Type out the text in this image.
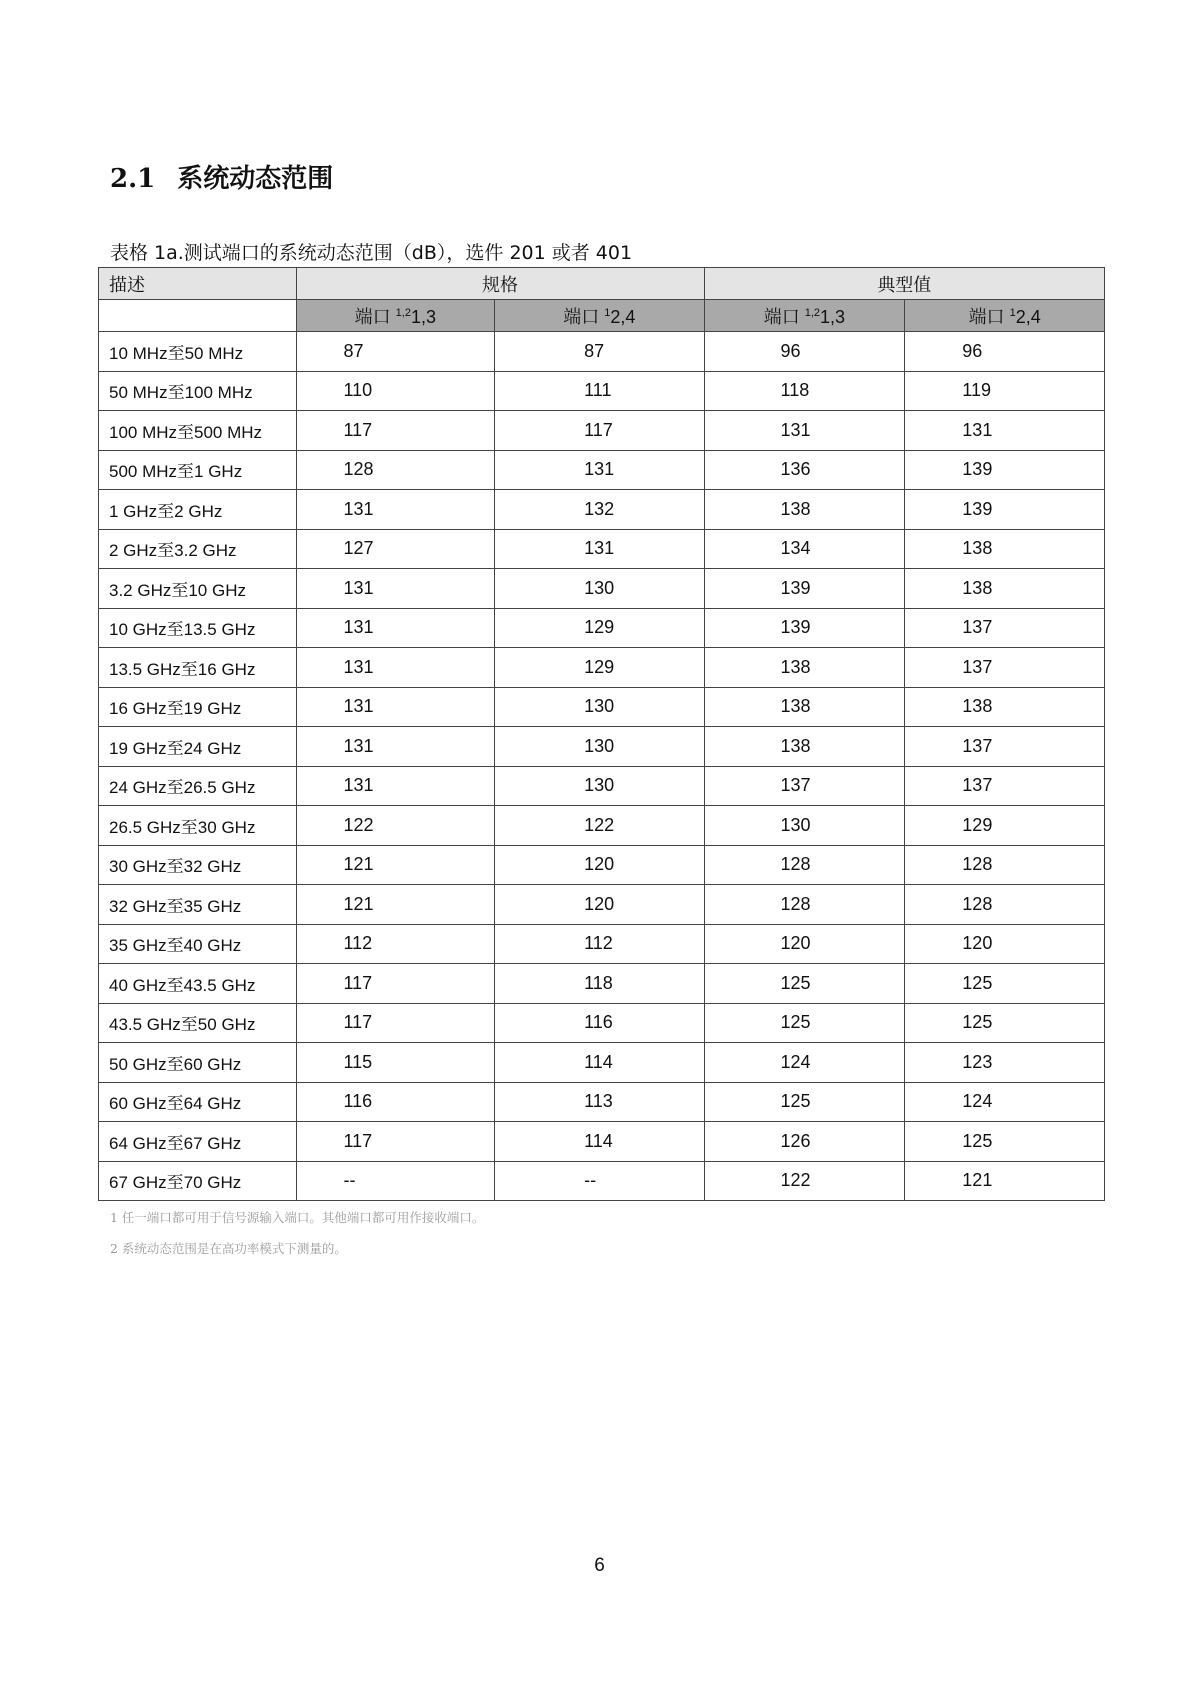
2.1 系统动态范围
表格 1a.测试端口的系统动态范围（dB），选件 201 或者 401
描述	规格		典型值	
	端口 $^{1,2}$1,3	端口 $^1$2,4	端口 $^{1,2}$1,3	端口 $^1$2,4
10 MHz至50 MHz	87	87	96	96
50 MHz至100 MHz	110	111	118	119
100 MHz至500 MHz	117	117	131	131
500 MHz至1 GHz	128	131	136	139
1 GHz至2 GHz	131	132	138	139
2 GHz至3.2 GHz	127	131	134	138
3.2 GHz至10 GHz	131	130	139	138
10 GHz至13.5 GHz	131	129	139	137
13.5 GHz至16 GHz	131	129	138	137
16 GHz至19 GHz	131	130	138	138
19 GHz至24 GHz	131	130	138	137
24 GHz至26.5 GHz	131	130	137	137
26.5 GHz至30 GHz	122	122	130	129
30 GHz至32 GHz	121	120	128	128
32 GHz至35 GHz	121	120	128	128
35 GHz至40 GHz	112	112	120	120
40 GHz至43.5 GHz	117	118	125	125
43.5 GHz至50 GHz	117	116	125	125
50 GHz至60 GHz	115	114	124	123
60 GHz至64 GHz	116	113	125	124
64 GHz至67 GHz	117	114	126	125
67 GHz至70 GHz	--	--	122	121
1 任一端口都可用于信号源输入端口。其他端口都可用作接收端口。
2 系统动态范围是在高功率模式下测量的。
6
